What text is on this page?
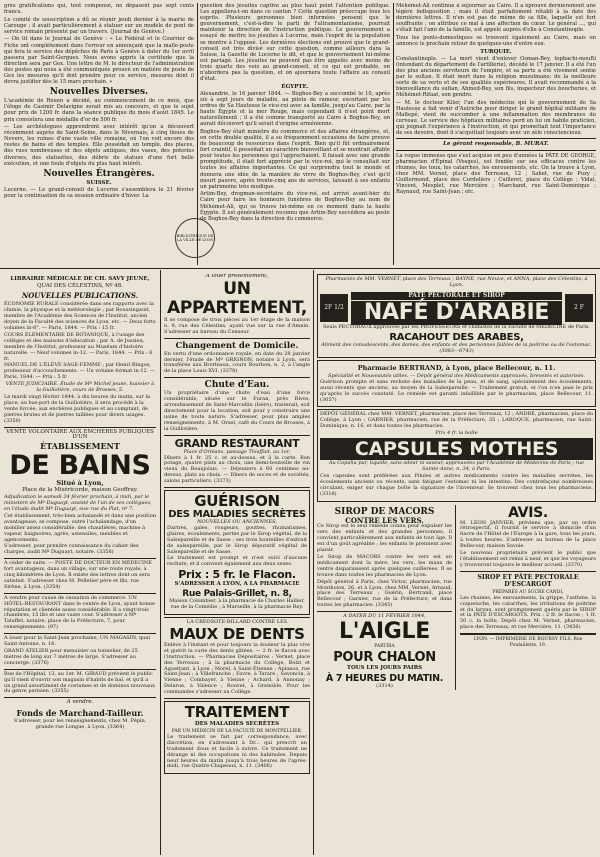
grès gratifications qui, tout compensé, ne dépasent pas sept cents francs.

Le comité de souscription a dû se réunir jeudi dernier à la mairie de Carouge ; il avait particulièrement à statuer sur un modèle de pont de service romain présenté par un travers. (Journal de Genève.)

— On lit dans le Journal de Genève : « Le Fédéral et le Courrier de Fiche ont complètement dans l'erreur en annonçant que la malle-poste qui fera le service des dépêches de Paris à Genève à dater du 1er avril passera par Saint-Gergues. Nous avons appris la certitude que la direction sera par Gex. Une lettre de M. le directeur de l'administration des postes qui nous a été communiquée prouvé en matière de poste de Gex les mesures qu'il doit prendre pour ce service, mesures dont il devra justifier dès le 15 mars prochain. »

Nouvelles Diverses.

L'académie de Rouen a décidé, au commencement de ce mois, que l'éloge de Casimir Delavigne serait mis au concours, et que le sujet pour prix de 1200 fr. dans la séance publique du mois d'août 1845. Le prix consistera une médaille d'or de 500 fr.

— Les archéologues apprendront avec intérêt qu'on a découvert récemment auprès de Saint-Seine, dans le Nivernais, à cinq lieues de Nevers, les ruines d'une vaste ville romaine, où l'on voit encore des restes de bains et des temples. Elle possédait un temple, des places, des rues nombreuses et des objets antiques, des vases, des poteries diverses, des statuettes, des débris de statues d'une fort belle exécution, et une foule d'objets du plus haut intérêt.

Nouvelles Étrangères.
SUISSE.

Lucerne. — Le grand-conseil de Lucerne s'assemblera le 21 février pour la continuation de sa session ordinaire d'hiver. La

BIBLIOTHÈQUE DE LA VILLE DE LYON

question des jésuites captive au plus haut point l'attention publique. Les appellera-t-on dans ce canton ? Cette question préoccupe tous les esprits. Plusieurs personnes bien informées pensent que le gouvernement, c'est-à-dire le parti de l'ultramontanisme, pourrait maintenir la direction de l'instruction publique. Le gouvernement a essayé de mettre les jésuites à Lucerne, mais l'esprit de la population se montre à l'opposé. Les dernières élections ont prouvé que le grand-conseil est très divisé sur cette question, comme ailleurs dans la Suisse, la Gazette de Lucerne le dit, et que le gouvernement lui-même est partagé. Les jésuites ne peuvent pas être appelés avec moins de trois quarts des voix au grand-conseil, et ce qui est probable, on n'abordera pas la question, et on ajournera toute l'affaire au conseil d'état.

ÉGYPTE.

Alexandrie, le 16 janvier 1844. — Boghos-Bey a succombé le 10, après six à sept jours de maladie, au pilote de rameur, escortant par les ordres de Sa Hautesse le vice-roi avec sa famille, jusqu'au Caire, par la haute Égypte et la mer Rouge, mais cependant il n'est point mort naturellement ; il a été comme transporté au Caire à Boghos-Bey, on aurait découvert qu'il serait d'origine arménienne.

Boghos-Bey était ministre du commerce et des affaires étrangères, et, en cette double qualité, il a su fréquemment occasions de faire preuve de beaucoup de ressources dans l'esprit. Bien qu'il fût ordinairement fort craintif, il possédait un caractère bienveillant et se montrait affable pour toutes les personnes qui l'approchaient. Il faisait avec une grande promptitude, il était fort apprécié par le vice-roi, qui le consultait sur toutes les affaires importantes. Ce qui surprendra tout le monde et donnera une idée de la manière de vivre de Boghos-Bey, c'est qu'il meurt pauvre, après trente-cinq ans de services, laissant à ses enfants un patrimoine très modique.

Artim-Bey, drogman-secrétaire du vice-roi, est arrivé avant-hier du Caire pour faire les honneurs funèbres de Boghos-Bey au nom de Méhémet-Ali, qui se trouve lui-même en ce moment dans la haute Égypte. Il est généralement reconnu que Artim-Bey succédera au poste de Boghos-Bey dans la direction du commerce.

Méhémet-Ali continue à séjourner au Caire. Il a éprouvé dernièrement une légère indisposition ; mais il était parfaitement rétabli à la date des dernières lettres. Il n'en est pas de même de sa fille, laquelle est fort souffrante ; on attribue ce mal à une affection de cœur. Le général ..., qui s'était fait l'ami de la famille, est appelé auprès d'elle à Constantinople.

Tous les ponts-domestiques se trouvent également au Caire, mais on annonce le prochain retour de quelques-uns d'entre eux.

TURQUIE.

Constantinople. — La mort vient d'enlever Osman-Bey, topbachi-moufti (intendant du département de l'artillerie), décédé le 17 janvier. Il a été l'un des plus anciens serviteurs de l'empire, et sa perte a été vivement sentie par le sultan. Il était mort dans la religion musulmane; de la meilleure sorte de sa vertu et de ses qualités supérieures. Il avait recommandé à la bienveillance du sultan, Ahmed-Bey, son fils, inspecteur des boucheries, et Méhémet-Rifaat, son gendre.

— M. le docteur Kiler, l'un des médecins qui le gouvernement de Sa Hautesse a fait venir d'Autriche pour diriger le grand hôpital militaire de Maltepé, vient de succomber à une inflammation des membranes du cerveau. Le service des hôpitaux militaires perd en lui un habile praticien, qui joignait l'expérience à l'instruction, et qui promettait tout l'importance de ses devoirs, dont il s'acquittait toujours avec un zèle consciencieux.

Le gérant responsable, B. MURAT.

La vogue immense que s'est acquise en peu d'années la PÂTE DE GEORGE, pharmacien d'Épinal (Vosges), est fondée sur ses efficaces contre les rhumes, les toux, les catarrhes, les enrouements, etc. On la trouve à Lyon, chez MM. Vernet, place des Terreaux, 12 ; Sahet, rue de Puzy ; Guillermond, place des Cordeliers ; Cuilleret, place du Collège ; Vidal, Vincent, Mesplet, rue Mercière ; Marchand, rue Saint-Dominique ; Raynaud, rue Saint-Jean ; etc.

LIBRAIRIE MÉDICALE DE CH. SAVY JEUNE,
QUAI DES CÉLESTINS, Nº 48.
NOUVELLES PUBLICATIONS.

ÉCONOMIE RURALE considérée dans ses rapports avec la chimie, la physique et la météorologie ; par Boussingault, membre de l'Académie des Sciences de l'Institut, ancien doyen de la Faculté des sciences de Lyon, etc. — Deux forts volumes in-8°. — Paris, 1844. — Prix : 15 fr.

COURS ÉLÉMENTAIRE DE BOTANIQUE, à l'usage des collèges et des maisons d'éducation ; par A. de Jussieu, membre de l'Institut, professeur au Muséum d'histoire naturelle. — Neuf volumes in-12. — Paris, 1844. — Prix : 6 fr.

MANUEL DE L'ÉLÈVE SAGE-FEMME ; par Henri Ringos, professeur d'accouchements. — Un volume format in-12. — Paris, 1844. — Prix : 5 fr.

VENTE JUDICIAIRE. Étude de Mº Michel jeune, huissier à la Guillotière, cours de Brosses, 5.

Le mardi vingt février 1844, à dix heures du matin, sur la place, au bas-port de la Guillotière, il sera procédé à la vente forcée, aux enchères publiques et au comptant, de pierres brutes et de pierres taillées pour divers usages. (3350)

VENTE VOLONTAIRE AUX ENCHÈRES PUBLIQUES D'UN
ÉTABLISSEMENT
DE BAINS
Situé à Lyon,
Place de la Miséricorde, maison Geoffray.

Adjudication le samedi 24 février prochain, à midi, par le ministère de Mº Duguayt, assisté de l'un de ses collègues, en l'étude dudit Mº Duguayt, sise rue du Plat, nº 7.

Cet établissement, très-bien achalandé et dans une position avantageuse, se compose, outre l'achalandage, d'un mobilier assez considérable, des chaudières, machine à vapeur, baignoires, agrès, ustensiles, meubles et agencements.

S'adresser, pour prendre connaissance du cahier des charges, audit Mº Duguayt, notaire. (3358)

A céder de suite. — POSTE DE DOCTEUR EN MÉDECINE fort avantageux, dans un village, sur une route royale, à cinq kilomètres de Lyon. Il existe des lettres dont on sera satisfait. S'adresser chez M. Pelletier père et fils, rue Sirène, à Lyon. (3354)

A vendre pour cause de cessation de commerce. UN HÔTEL-RESTAURANT dans le centre de Lyon, ayant bonne réputation et clientèle assez considérable. Il a vingt-trois chambres, 15 lits et une vaste cour. S'adresser à Mº Taluffet, notaire, place de la Préfecture, 7, pour renseignements. (97)

A louer pour la Saint-Jean prochaine, UN MAGASIN, quai Saint-Antoine, n. 16.

GRAND ATELIER pour menuisier ou tonnelier, de 25 mètres de long sur 7 mètres de large. S'adresser au concierge. (3376)

Rue de l'Hôpital, 13, au 1er. M. GIRAUD prévient le public qu'il vient d'ouvrir son magasin d'habits de bal, et qu'il a un grand assortiment de costumes et de dominos nouveaux du genre parisien. (3355)

A vendre.
Fonds de Marchand-Tailleur.

S'adresser, pour les renseignements, chez M. Pépin, grande rue Longue, à Lyon. (3364)

A louer présentement,
UN APPARTEMENT,

Il se compose de trois pièces au 1er étage de la maison n. 9, rue des Célestins, ayant vue sur la rue d'Amnin. S'adresser au bureau du Censeur.

Changement de Domicile.

En vertu d'une ordonnance royale, en date du 28 janvier dernier, l'étude de Mº GRIGNON, notaire à Lyon, sera transférée aux Brotteaux, cours Bourbon, n. 2, à l'angle de la place Louis XVI. (3378)

Chute d'Eau.

Un propriétaire d'une chute d'eau d'une force considérable, située sur le Furan, près Rives, arrondissement de Saint-Marcellin (Isère), traiterait, soit directement pour la location, soit pour y construire une usine de toute nature. S'adresser, pour plus amples renseignements, à M. Orsel, café du Cours de Brosses, à la Guillotière.

GRAND RESTAURANT
Place d'Orléans, passage Thiaffait, au 1er,

Dîners à 1 fr. 25 c. et au-dessus, et à la carte. Bon potage, quatre plats au choix, une demi-bouteille de vin vieux du Beaujolais. — Déjeuners à 60 centimes au-dessus, plats au choix. — Dîners de noces et de sociétés, salons particuliers. (3373)

GUÉRISON
DES MALADIES SECRÈTES
NOUVELLES OU ANCIENNES,

Dartres, gales, rougeurs, gouttes, rhumatismes, glaires, écoulements, pertes par le Sirop végétal, de la Salsepareille et de Sasse ; ses trois bouteilles d'extrait de salsepareille, par le Sirop dépuratif végétal de Salsepareille et de Sasse.

Le traitement est prompt et n'est suivi d'aucune rechute, et il convient également aux deux sexes.

Prix : 5 fr. le Flacon.
S'ADRESSER A LYON, A LA PHARMACIE
Rue Palais-Grillet, n. 8,

Maison Colombier, à la pharmacie de Charles Hallier, rue de la Comédie ; à Marseille, à la pharmacie Rey.

LA CRÉOSOTE-BILLARD CONTRE LES
MAUX DE DENTS

Enlève à l'instant et pour toujours la douleur la plus vive et guérit la carie des dents gâtées. — 2 fr. le flacon avec l'instruction. — Pharmacies Dépositaires : Vernet, place des Terreaux ; à la pharmacie du Collège, Bolzi et Aguettant, à Lyon ; Morel, à Saint-Étienne ; Aplanos, rue Saint-Jean ; à Villefranche ; Favre, à Tarare ; Savoncin, à Vienne ; Combayer, à Vienne ; Achard, à Annonay ; Delarue, à Valence ; Rouvet, à Grenoble. Pour les commandes s'adresser au Collège.

TRAITEMENT
DES MALADIES SECRÈTES
PAR UN MÉDECIN DE LA FACULTÉ DE MONTPELLIER.

Le traitement se fait par correspondance, avec discrétion, en s'adressant à Dr... qui prescrit un traitement doux et facile à suivre. Ce traitement ne dérange ni des occupations ni des habitudes. Depuis neuf heures du matin jusqu'à trois heures de l'après-midi, rue Quatre-Chapeaux, n. 11. (3406)

Pharmacies de MM. VERNET, place des Terreaux ; BAYNE, rue Neuve, et ANNA, place des Célestins, à Lyon.
2F 1/2
PÂTE PECTORALE ET SIROP
NAFÉ D'ARABIE	2 F

Seuls PECTORAUX approuvés par les PROFESSEURS et chimistes de la Faculté de MÉDECINE de Paris.

RACAHOUT DES ARABES,

Aliment des convalescents, des dames, des enfants et des personnes faibles de la poitrine ou de l'estomac. (3083—6743)

Pharmacie BERTRAND, à Lyon, place Bellecour, n. 11.
Spécialité et Nouveautés utiles. — Dépôt général des Médicaments approuvés, brevetés et autorisés.

Guérison prompte et sans rechute des maladies de la peau, et de sang, spécialement des écoulements, aussi récents que anciens, au moyen de la Salsepareille. — Traitement gratuit, et l'on n'en paie le prix qu'après le succès constaté. Le remède est garanti infaillible par le pharmacien, place Bellecour, 11. (3057)

DÉPÔT GÉNÉRAL chez MM. VERNET, pharmacien, place des Terreaux, 12 ; ANDRÉ, pharmacien, place du Collège, à Lyon ; GARNIER, pharmacien, rue de la Préfecture, 35 ; LAROQUE, pharmacien, rue Saint-Dominique, n. 16, et dans toutes les pharmacies.

Prix 4 fr. la boîte
CAPSULES MOTHES

Au Copahu pur, liquide, sans odeur ni saveur, approuvées par l'Académie de Médecine de Paris ; rue Sainte-Anne, n. 34, à Paris.

Ces capsules sont préférées aux Pilules et autres médicaments contre les maladies secrètes, les écoulements anciens ou récents, sans fatiguer l'estomac ni les intestins. Des contrefaçons nombreuses circulant, exiger sur chaque boîte la signature de l'inventeur. Se trouvent chez tous les pharmaciens. (3318)

SIROP DE MACORS
CONTRE LES VERS.

Ce Sirop est le seul remède connu pour expulser les vers des enfants et des grandes personnes, il convient particulièrement aux enfants de tout âge. Il est d'un goût agréable ; les enfants le prennent avec plaisir.

Le Sirop de MACORS contre les vers est un médicament dont la mère, les vers, les maux de ventre disparaissent après quelques cuillerées. Il se trouve dans toutes les pharmacies de Lyon.

Dépôt général à Paris, chez Victor, pharmacien, rue Montholon, 26, et à Lyon, chez MM. Vernet, Arnaud, place des Terreaux ; Guérin, Bertrand, place Bellecour ; Garnier, rue de la Préfecture, et dans toutes les pharmacies. (3345)

A DATER DU 11 FÉVRIER 1844,
L'AIGLE
PARTIRA
POUR CHALON
TOUS LES JOURS PAIRS
À 7 HEURES DU MATIN.
(3314)
AVIS.

M. LÉON JANVIER, préviens que, par un ordre rétrospectif, il fournit le service à domicile d'un fiacre de l'Hôtel de l'Europe à la gare, tous les jours, à toutes heures. S'adresser au bureau de la place Bellecour, maison Savoie.

Le nouveau propriétaire prévient le public que l'établissement est remis à neuf, et que les voyageurs y trouveront toujours le meilleur accueil. (3370)

SIROP ET PÂTE PECTORALE D'ESCARGOT
PRÉPARÉS AU SUCRE CANDI,

Les rhumes, les enrouements, la grippe, l'asthme, la coqueluche, les catarrhes, les irritations de poitrine et du larynx, sont promptement guéris par le SIROP et la PÂTE D'ESCARGOTS. Prix : 2 fr. le flacon ; 1 fr. 50 c. la boîte. Dépôt chez M. Vernet, pharmacien, place des Terreaux, et rue Mercière, 11. (3456)

LYON. — IMPRIMERIE DE BOURSY FILS, Rue Poulaillerie, 19.
